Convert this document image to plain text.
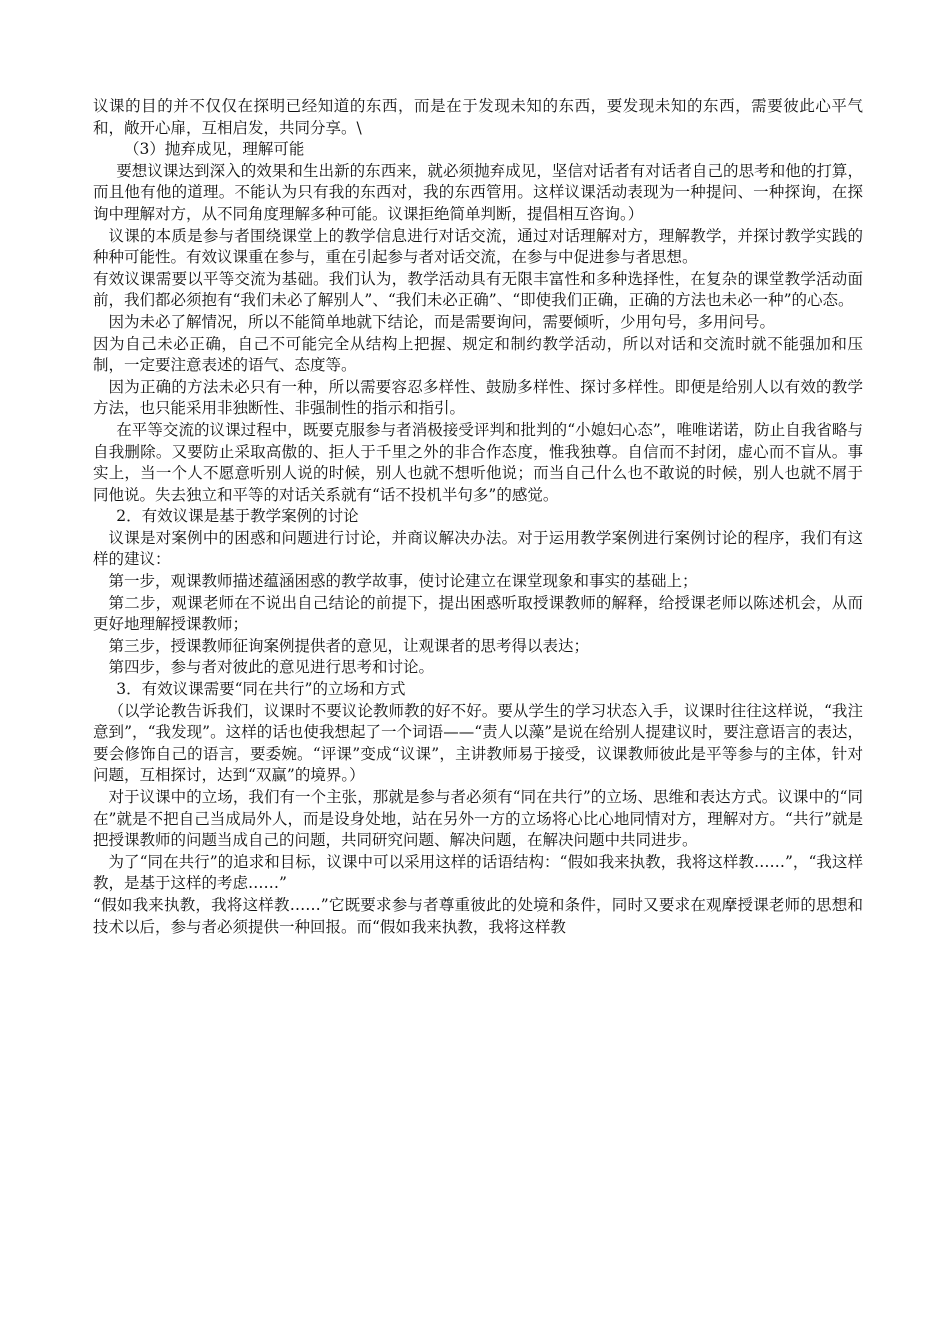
议课的目的并不仅仅在探明已经知道的东西，而是在于发现未知的东西，要发现未知的东西，需要彼此心平气和，敞开心扉，互相启发，共同分享。\

（3）抛弃成见，理解可能

要想议课达到深入的效果和生出新的东西来，就必须抛弃成见，坚信对话者有对话者自己的思考和他的打算，而且他有他的道理。不能认为只有我的东西对，我的东西管用。这样议课活动表现为一种提问、一种探询，在探询中理解对方，从不同角度理解多种可能。议课拒绝简单判断，提倡相互咨询。）

议课的本质是参与者围绕课堂上的教学信息进行对话交流，通过对话理解对方，理解教学，并探讨教学实践的种种可能性。有效议课重在参与，重在引起参与者对话交流，在参与中促进参与者思想。

有效议课需要以平等交流为基础。我们认为，教学活动具有无限丰富性和多种选择性，在复杂的课堂教学活动面前，我们都必须抱有“我们未必了解别人”、“我们未必正确”、“即使我们正确，正确的方法也未必一种”的心态。

因为未必了解情况，所以不能简单地就下结论，而是需要询问，需要倾听，少用句号，多用问号。

因为自己未必正确，自己不可能完全从结构上把握、规定和制约教学活动，所以对话和交流时就不能强加和压制，一定要注意表述的语气、态度等。

因为正确的方法未必只有一种，所以需要容忍多样性、鼓励多样性、探讨多样性。即便是给别人以有效的教学方法，也只能采用非独断性、非强制性的指示和指引。

在平等交流的议课过程中，既要克服参与者消极接受评判和批判的“小媳妇心态”，唯唯诺诺，防止自我省略与自我删除。又要防止采取高傲的、拒人于千里之外的非合作态度，惟我独尊。自信而不封闭，虚心而不盲从。事实上，当一个人不愿意听别人说的时候，别人也就不想听他说；而当自己什么也不敢说的时候，别人也就不屑于同他说。失去独立和平等的对话关系就有“话不投机半句多”的感觉。

2．有效议课是基于教学案例的讨论

议课是对案例中的困惑和问题进行讨论，并商议解决办法。对于运用教学案例进行案例讨论的程序，我们有这样的建议：

第一步，观课教师描述蕴涵困惑的教学故事，使讨论建立在课堂现象和事实的基础上；

第二步，观课老师在不说出自己结论的前提下，提出困惑听取授课教师的解释，给授课老师以陈述机会，从而更好地理解授课教师；

第三步，授课教师征询案例提供者的意见，让观课者的思考得以表达；

第四步，参与者对彼此的意见进行思考和讨论。

3．有效议课需要“同在共行”的立场和方式

（以学论教告诉我们，议课时不要议论教师教的好不好。要从学生的学习状态入手，议课时往往这样说，“我注意到”，“我发现”。这样的话也使我想起了一个词语——“责人以藻”是说在给别人提建议时，要注意语言的表达，要会修饰自己的语言，要委婉。“评课”变成“议课”，主讲教师易于接受，议课教师彼此是平等参与的主体，针对问题，互相探讨，达到“双赢”的境界。）

对于议课中的立场，我们有一个主张，那就是参与者必须有“同在共行”的立场、思维和表达方式。议课中的“同在”就是不把自己当成局外人，而是设身处地，站在另外一方的立场将心比心地同情对方，理解对方。“共行”就是把授课教师的问题当成自己的问题，共同研究问题、解决问题，在解决问题中共同进步。

为了“同在共行”的追求和目标，议课中可以采用这样的话语结构：“假如我来执教，我将这样教……”，“我这样教，是基于这样的考虑……”

“假如我来执教，我将这样教……”它既要求参与者尊重彼此的处境和条件，同时又要求在观摩授课老师的思想和技术以后，参与者必须提供一种回报。而“假如我来执教，我将这样教
